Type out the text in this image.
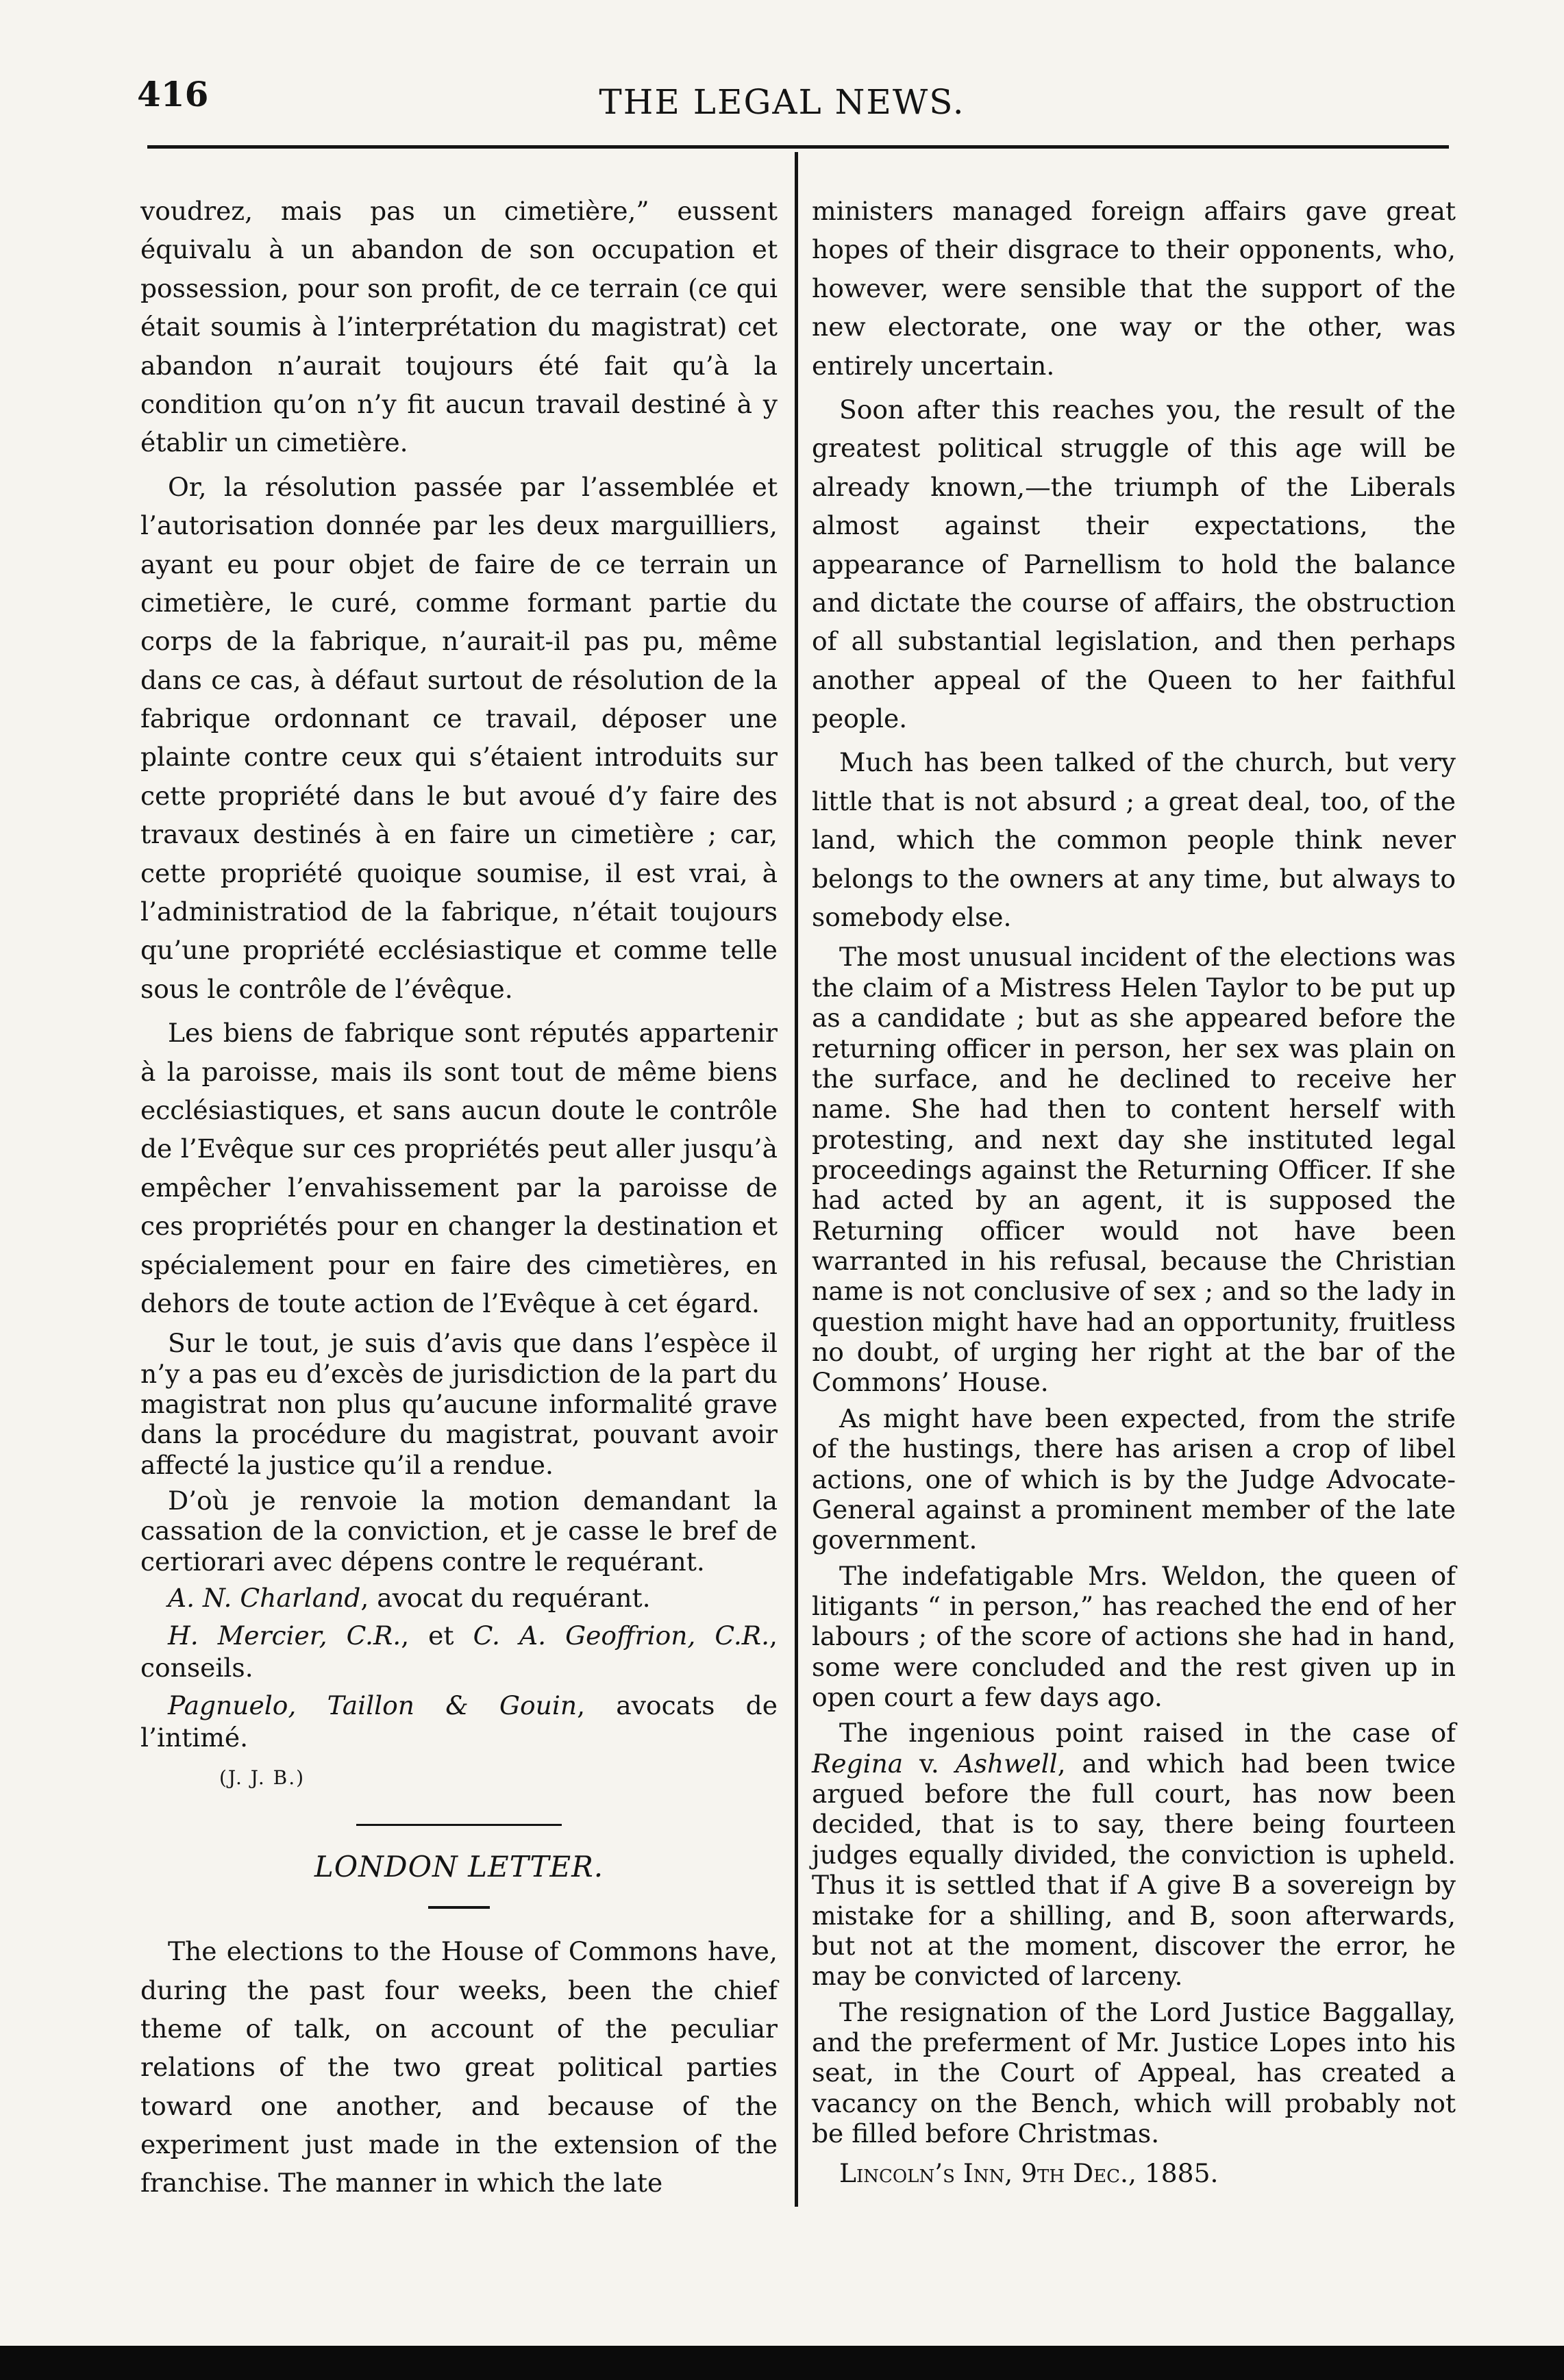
416	THE LEGAL NEWS.

voudrez, mais pas un cimetière,” eussent équivalu à un abandon de son occupation et possession, pour son profit, de ce terrain (ce qui était soumis à l’interprétation du magistrat) cet abandon n’aurait toujours été fait qu’à la condition qu’on n’y fit aucun travail destiné à y établir un cimetière.

Or, la résolution passée par l’assemblée et l’autorisation donnée par les deux marguilliers, ayant eu pour objet de faire de ce terrain un cimetière, le curé, comme formant partie du corps de la fabrique, n’aurait-il pas pu, même dans ce cas, à défaut surtout de résolution de la fabrique ordonnant ce travail, déposer une plainte contre ceux qui s’étaient introduits sur cette propriété dans le but avoué d’y faire des travaux destinés à en faire un cimetière ; car, cette propriété quoique soumise, il est vrai, à l’administratiod de la fabrique, n’était toujours qu’une propriété ecclésiastique et comme telle sous le contrôle de l’évêque.

Les biens de fabrique sont réputés appartenir à la paroisse, mais ils sont tout de même biens ecclésiastiques, et sans aucun doute le contrôle de l’Evêque sur ces propriétés peut aller jusqu’à empêcher l’envahissement par la paroisse de ces propriétés pour en changer la destination et spécialement pour en faire des cimetières, en dehors de toute action de l’Evêque à cet égard.

Sur le tout, je suis d’avis que dans l’espèce il n’y a pas eu d’excès de jurisdiction de la part du magistrat non plus qu’aucune informalité grave dans la procédure du magistrat, pouvant avoir affecté la justice qu’il a rendue.

D’où je renvoie la motion demandant la cassation de la conviction, et je casse le bref de certiorari avec dépens contre le requérant.

A. N. Charland, avocat du requérant.

H. Mercier, C.R., et C. A. Geoffrion, C.R., conseils.

Pagnuelo, Taillon & Gouin, avocats de l’intimé.

(J. J. B.)
LONDON LETTER.

The elections to the House of Commons have, during the past four weeks, been the chief theme of talk, on account of the peculiar relations of the two great political parties toward one another, and because of the experiment just made in the extension of the franchise. The manner in which the late

ministers managed foreign affairs gave great hopes of their disgrace to their opponents, who, however, were sensible that the support of the new electorate, one way or the other, was entirely uncertain.

Soon after this reaches you, the result of the greatest political struggle of this age will be already known,—the triumph of the Liberals almost against their expectations, the appearance of Parnellism to hold the balance and dictate the course of affairs, the obstruction of all substantial legislation, and then perhaps another appeal of the Queen to her faithful people.

Much has been talked of the church, but very little that is not absurd ; a great deal, too, of the land, which the common people think never belongs to the owners at any time, but always to somebody else.

The most unusual incident of the elections was the claim of a Mistress Helen Taylor to be put up as a candidate ; but as she appeared before the returning officer in person, her sex was plain on the surface, and he declined to receive her name. She had then to content herself with protesting, and next day she instituted legal proceedings against the Returning Officer. If she had acted by an agent, it is supposed the Returning officer would not have been warranted in his refusal, because the Christian name is not conclusive of sex ; and so the lady in question might have had an opportunity, fruitless no doubt, of urging her right at the bar of the Commons’ House.

As might have been expected, from the strife of the hustings, there has arisen a crop of libel actions, one of which is by the Judge Advocate-General against a prominent member of the late government.

The indefatigable Mrs. Weldon, the queen of litigants “ in person,” has reached the end of her labours ; of the score of actions she had in hand, some were concluded and the rest given up in open court a few days ago.

The ingenious point raised in the case of Regina v. Ashwell, and which had been twice argued before the full court, has now been decided, that is to say, there being fourteen judges equally divided, the conviction is upheld. Thus it is settled that if A give B a sovereign by mistake for a shilling, and B, soon afterwards, but not at the moment, discover the error, he may be convicted of larceny.

The resignation of the Lord Justice Baggallay, and the preferment of Mr. Justice Lopes into his seat, in the Court of Appeal, has created a vacancy on the Bench, which will probably not be filled before Christmas.

Lincoln’s Inn, 9th Dec., 1885.
